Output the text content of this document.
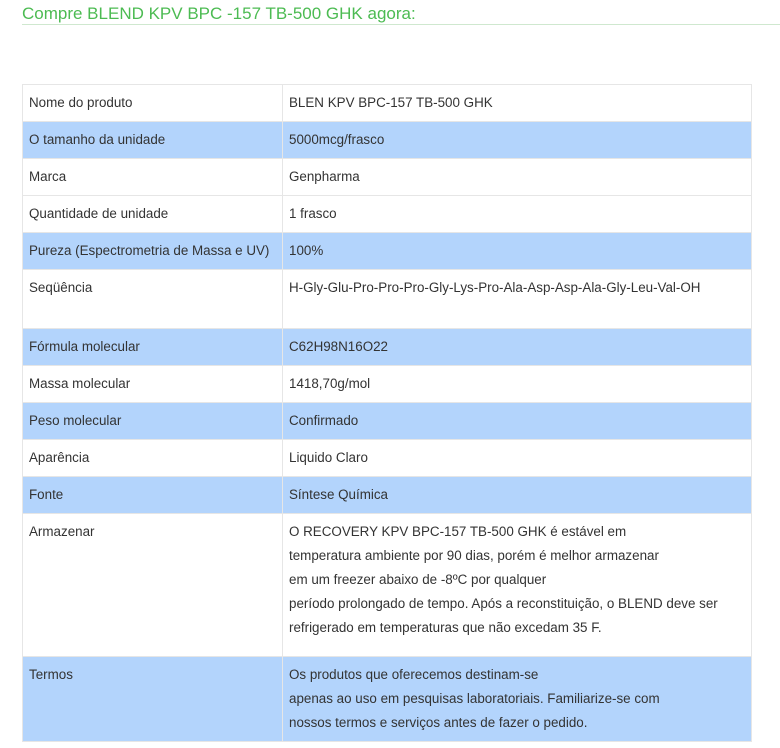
Compre BLEND KPV BPC -157 TB-500 GHK agora:
Nome do produto	BLEN KPV BPC-157 TB-500 GHK
O tamanho da unidade	5000mcg/frasco
Marca	Genpharma
Quantidade de unidade	1 frasco
Pureza (Espectrometria de Massa e UV)	100%
Seqüência	H-Gly-Glu-Pro-Pro-Pro-Gly-Lys-Pro-Ala-Asp-Asp-Ala-Gly-Leu-Val-OH
Fórmula molecular	C62H98N16O22
Massa molecular	1418,70g/mol
Peso molecular	Confirmado
Aparência	Liquido Claro
Fonte	Síntese Química
Armazenar	O RECOVERY KPV BPC-157 TB-500 GHK é estável em
temperatura ambiente por 90 dias, porém é melhor armazenar
em um freezer abaixo de -8ºC por qualquer
período prolongado de tempo. Após a reconstituição, o BLEND deve ser
refrigerado em temperaturas que não excedam 35 F.

Termos	Os produtos que oferecemos destinam-se
apenas ao uso em pesquisas laboratoriais. Familiarize-se com
nossos termos e serviços antes de fazer o pedido.
